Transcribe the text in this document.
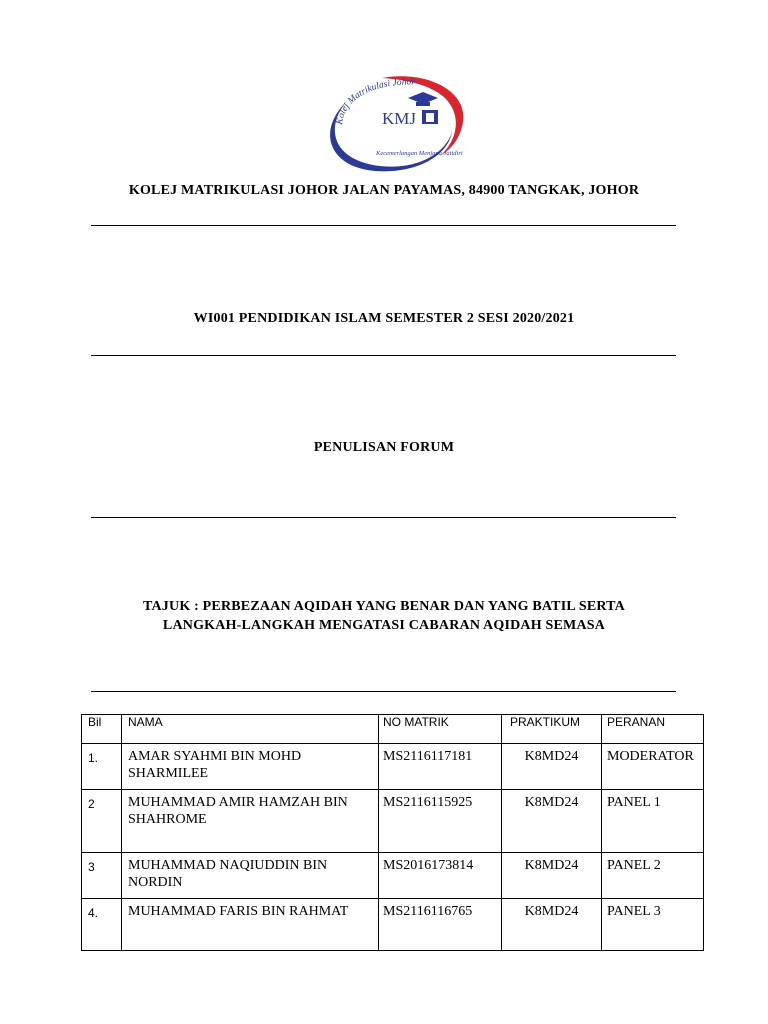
Kolej Matrikulasi Johor
KMJ
Kecemerlangan Menjana Jatidiri
KOLEJ MATRIKULASI JOHOR JALAN PAYAMAS, 84900 TANGKAK, JOHOR
WI001 PENDIDIKAN ISLAM SEMESTER 2 SESI 2020/2021
PENULISAN FORUM
TAJUK : PERBEZAAN AQIDAH YANG BENAR DAN YANG BATIL SERTA
LANGKAH-LANGKAH MENGATASI CABARAN AQIDAH SEMASA
Bil	NAMA	NO MATRIK	PRAKTIKUM	PERANAN
1.	AMAR SYAHMI BIN MOHD SHARMILEE	MS2116117181	K8MD24	MODERATOR
2	MUHAMMAD AMIR HAMZAH BIN SHAHROME	MS2116115925	K8MD24	PANEL 1
3	MUHAMMAD NAQIUDDIN BIN NORDIN	MS2016173814	K8MD24	PANEL 2
4.	MUHAMMAD FARIS BIN RAHMAT	MS2116116765	K8MD24	PANEL 3
